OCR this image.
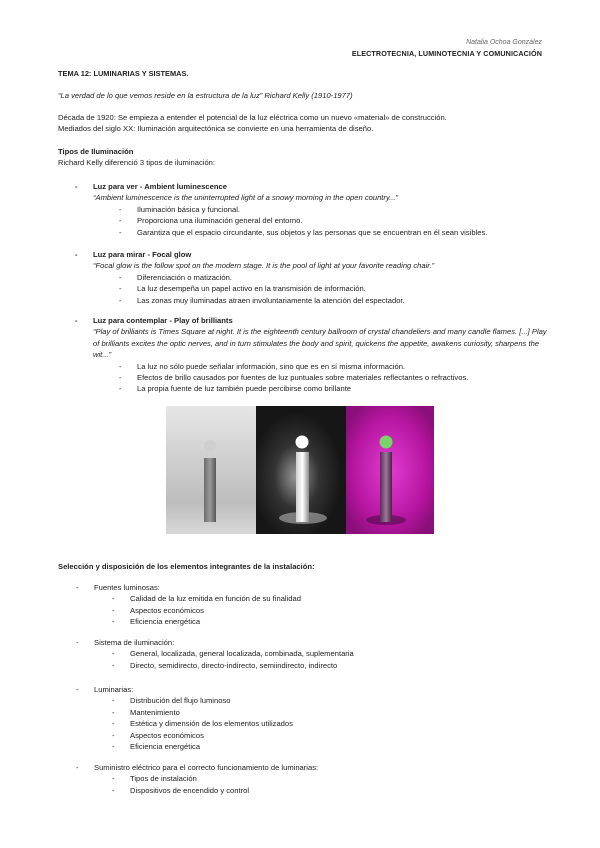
Natalia Ochoa González
ELECTROTECNIA, LUMINOTECNIA Y COMUNICACIÓN
TEMA 12: LUMINARIAS Y SISTEMAS.
“La verdad de lo que vemos reside en la estructura de la luz” Richard Kelly (1910-1977)
Década de 1920: Se empieza a entender el potencial de la luz eléctrica como un nuevo «material» de construcción.
Mediados del siglo XX: Iluminación arquitectónica se convierte en una herramienta de diseño.
Tipos de Iluminación
Richard Kelly diferenció 3 tipos de iluminación:
- Luz para ver - Ambient luminescence
“Ambient luminescence is the uninterrupted light of a snowy morning in the open country...”
- Iluminación básica y funcional.
- Proporciona una iluminación general del entorno.
- Garantiza que el espacio circundante, sus objetos y las personas que se encuentran en él sean visibles.
- Luz para mirar - Focal glow
“Focal glow is the follow spot on the modern stage. It is the pool of light at your favorite reading chair.”
- Diferenciación o matización.
- La luz desempeña un papel activo en la transmisión de información.
- Las zonas muy iluminadas atraen involuntariamente la atención del espectador.
- Luz para contemplar - Play of brilliants
“Play of brilliants is Times Square at night. It is the eighteenth century ballroom of crystal chandeliers and many candle flames. [...] Play of brilliants excites the optic nerves, and in turn stimulates the body and spirit, quickens the appetite, awakens curiosity, sharpens the wit...”
- La luz no sólo puede señalar información, sino que es en sí misma información.
- Efectos de brillo causados por fuentes de luz puntuales sobre materiales reflectantes o refractivos.
- La propia fuente de luz también puede percibirse como brillante
Selección y disposición de los elementos integrantes de la instalación:
- Fuentes luminosas:
- Calidad de la luz emitida en función de su finalidad
- Aspectos económicos
- Eficiencia energética
- Sistema de iluminación:
- General, localizada, general localizada, combinada, suplementaria
- Directo, semidirecto, directo-indirecto, semiindirecto, indirecto
- Luminarias:
- Distribución del flujo luminoso
- Mantenimiento
- Estética y dimensión de los elementos utilizados
- Aspectos económicos
- Eficiencia energética
- Suministro eléctrico para el correcto funcionamiento de luminarias:
- Tipos de instalación
- Dispositivos de encendido y control
